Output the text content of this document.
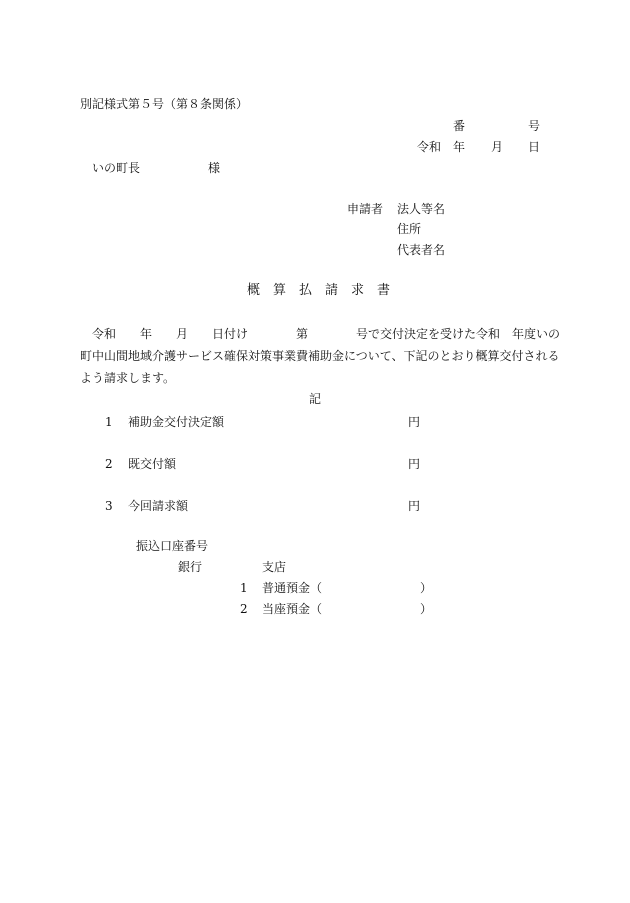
別記様式第５号（第８条関係）
番	号
令和 年 月 日
いの町長	様
申請者 法人等名
住所
代表者名
概　算　払　請　求　書
令和　　年　　月　　日付け　　　　第　　　　号で交付決定を受けた令和　年度いの
町中山間地域介護サービス確保対策事業費補助金について、下記のとおり概算交付される
よう請求します。
記
1 補助金交付決定額	円
2 既交付額	円
3 今回請求額	円
振込口座番号
銀行	支店
1 普通預金（	）
2 当座預金（	）
